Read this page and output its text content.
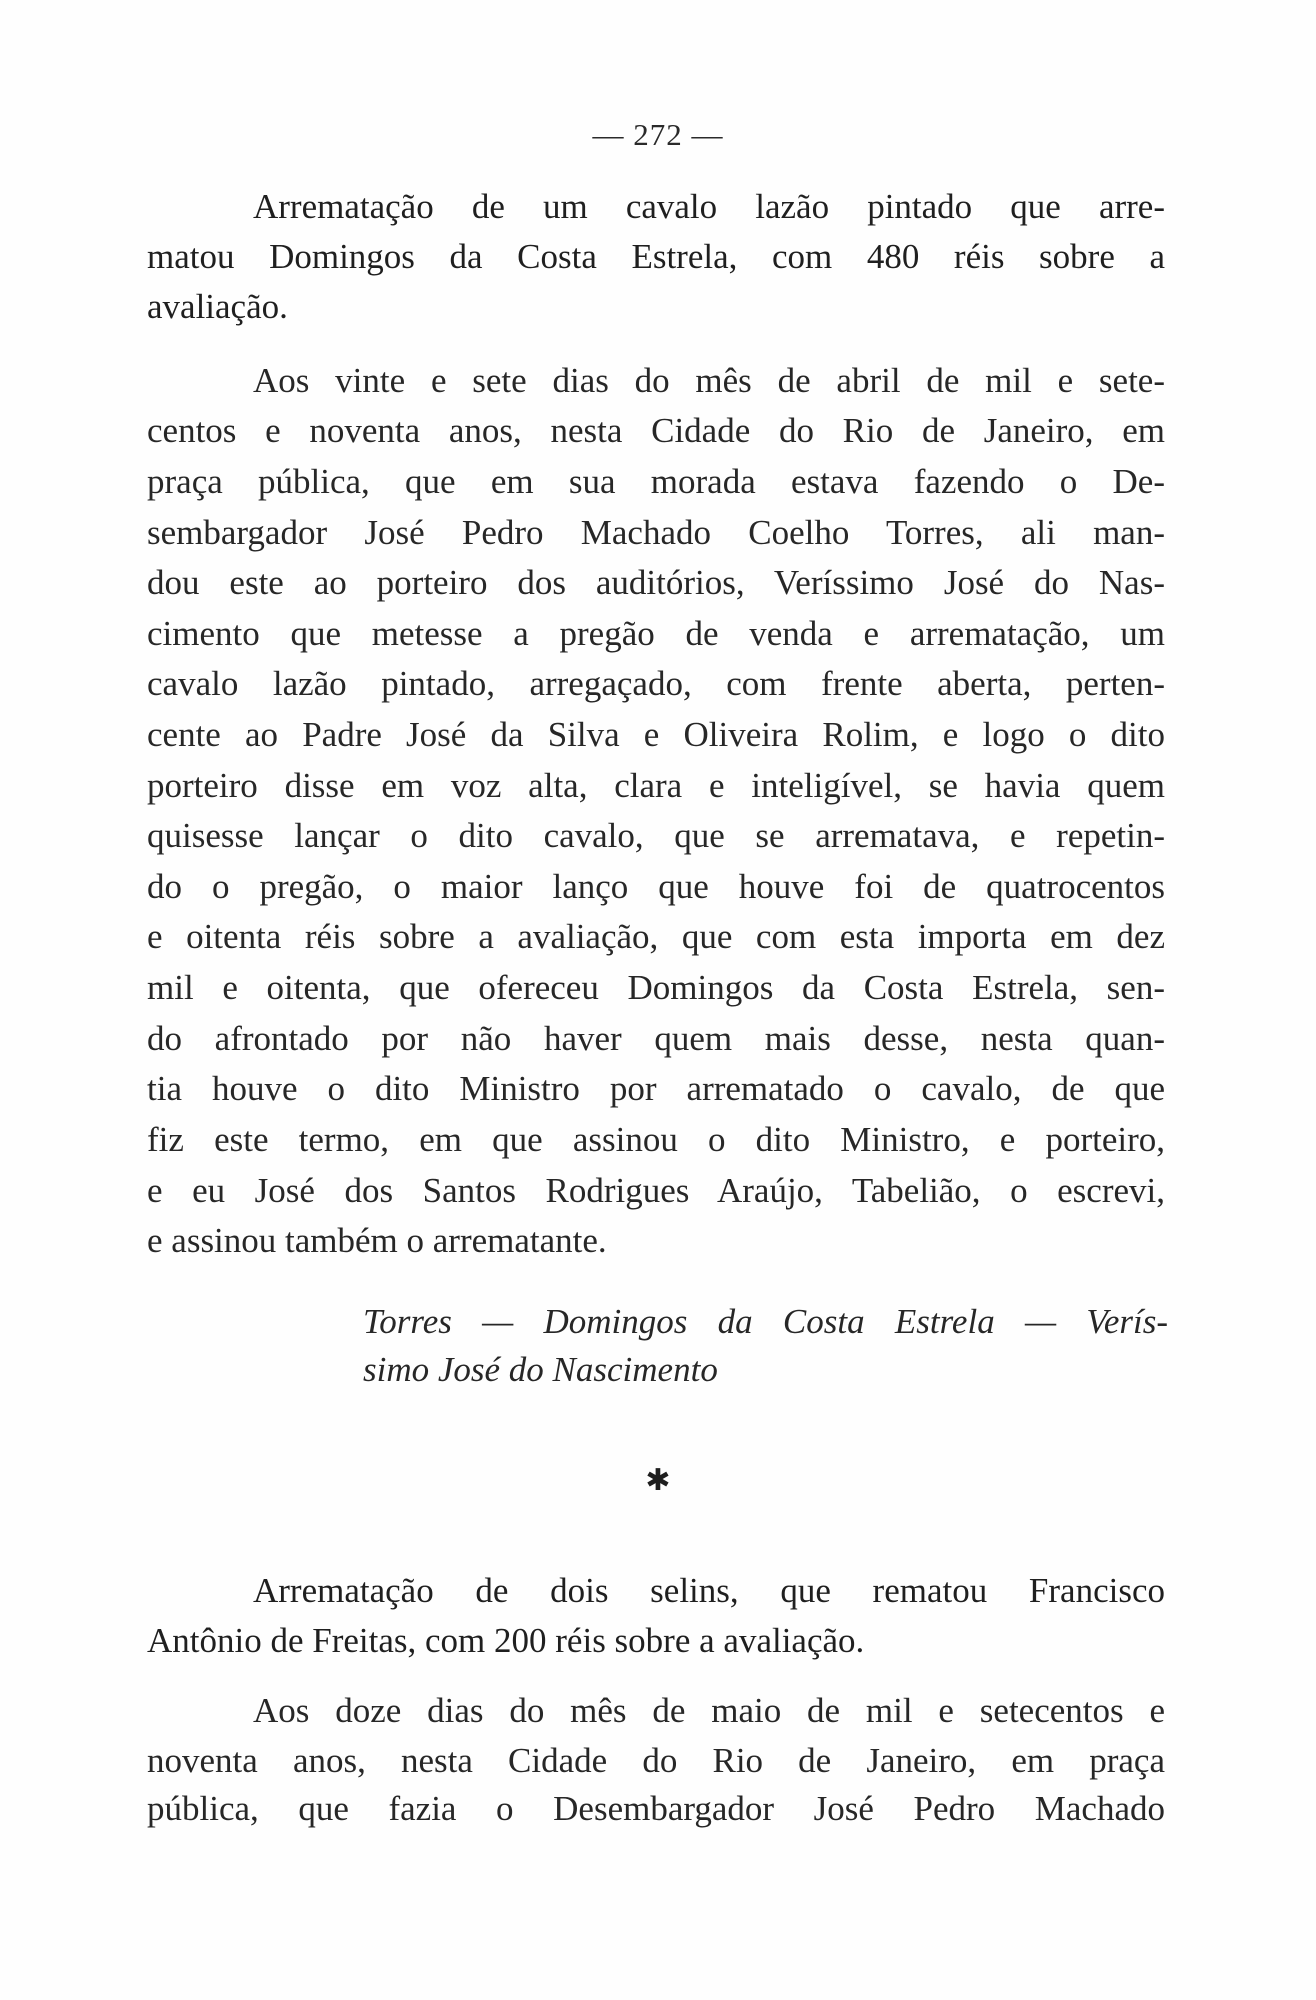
— 272 —
Arrematação de um cavalo lazão pintado que arre-
matou Domingos da Costa Estrela, com 480 réis sobre a
avaliação.
Aos vinte e sete dias do mês de abril de mil e sete-
centos e noventa anos, nesta Cidade do Rio de Janeiro, em
praça pública, que em sua morada estava fazendo o De-
sembargador José Pedro Machado Coelho Torres, ali man-
dou este ao porteiro dos auditórios, Veríssimo José do Nas-
cimento que metesse a pregão de venda e arrematação, um
cavalo lazão pintado, arregaçado, com frente aberta, perten-
cente ao Padre José da Silva e Oliveira Rolim, e logo o dito
porteiro disse em voz alta, clara e inteligível, se havia quem
quisesse lançar o dito cavalo, que se arrematava, e repetin-
do o pregão, o maior lanço que houve foi de quatrocentos
e oitenta réis sobre a avaliação, que com esta importa em dez
mil e oitenta, que ofereceu Domingos da Costa Estrela, sen-
do afrontado por não haver quem mais desse, nesta quan-
tia houve o dito Ministro por arrematado o cavalo, de que
fiz este termo, em que assinou o dito Ministro, e porteiro,
e eu José dos Santos Rodrigues Araújo, Tabelião, o escrevi,
e assinou também o arrematante.
Torres — Domingos da Costa Estrela — Verís-
simo José do Nascimento
✱
Arrematação de dois selins, que rematou Francisco
Antônio de Freitas, com 200 réis sobre a avaliação.
Aos doze dias do mês de maio de mil e setecentos e
noventa anos, nesta Cidade do Rio de Janeiro, em praça
pública, que fazia o Desembargador José Pedro Machado
